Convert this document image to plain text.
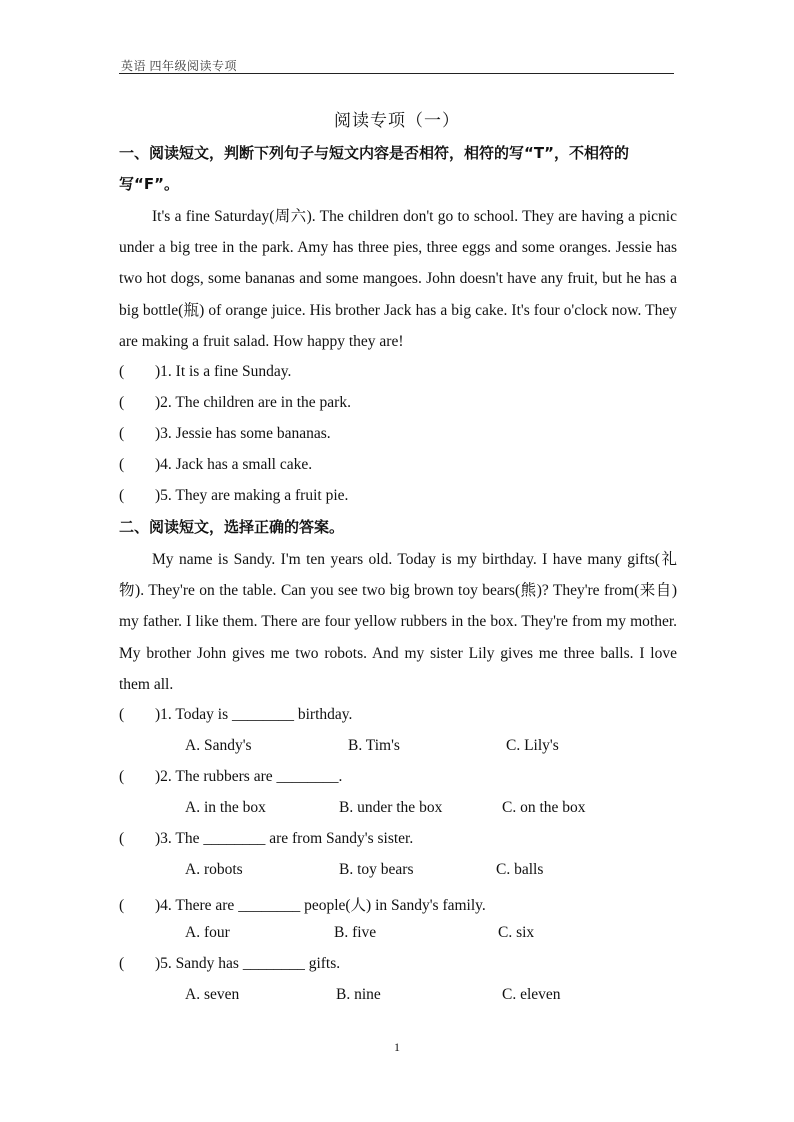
英语 四年级阅读专项
阅读专项（一）
一、阅读短文，判断下列句子与短文内容是否相符，相符的写“T”，不相符的
写“F”。
It's a fine Saturday(周六). The children don't go to school. They are having a picnic under a big tree in the park. Amy has three pies, three eggs and some oranges. Jessie has two hot dogs, some bananas and some mangoes. John doesn't have any fruit, but he has a big bottle(瓶) of orange juice. His brother Jack has a big cake. It's four o'clock now. They are making a fruit salad. How happy they are!
( )1. It is a fine Sunday.
( )2. The children are in the park.
( )3. Jessie has some bananas.
( )4. Jack has a small cake.
( )5. They are making a fruit pie.
二、阅读短文，选择正确的答案。
My name is Sandy. I'm ten years old. Today is my birthday. I have many gifts(礼物). They're on the table. Can you see two big brown toy bears(熊)? They're from(来自) my father. I like them. There are four yellow rubbers in the box. They're from my mother. My brother John gives me two robots. And my sister Lily gives me three balls. I love them all.
( )1. Today is ________ birthday.
A. Sandy's	B. Tim's	C. Lily's
( )2. The rubbers are ________.
A. in the box	B. under the box	C. on the box
( )3. The ________ are from Sandy's sister.
A. robots	B. toy bears	C. balls
( )4. There are ________ people(人) in Sandy's family.
A. four	B. five	C. six
( )5. Sandy has ________ gifts.
A. seven	B. nine	C. eleven
1
